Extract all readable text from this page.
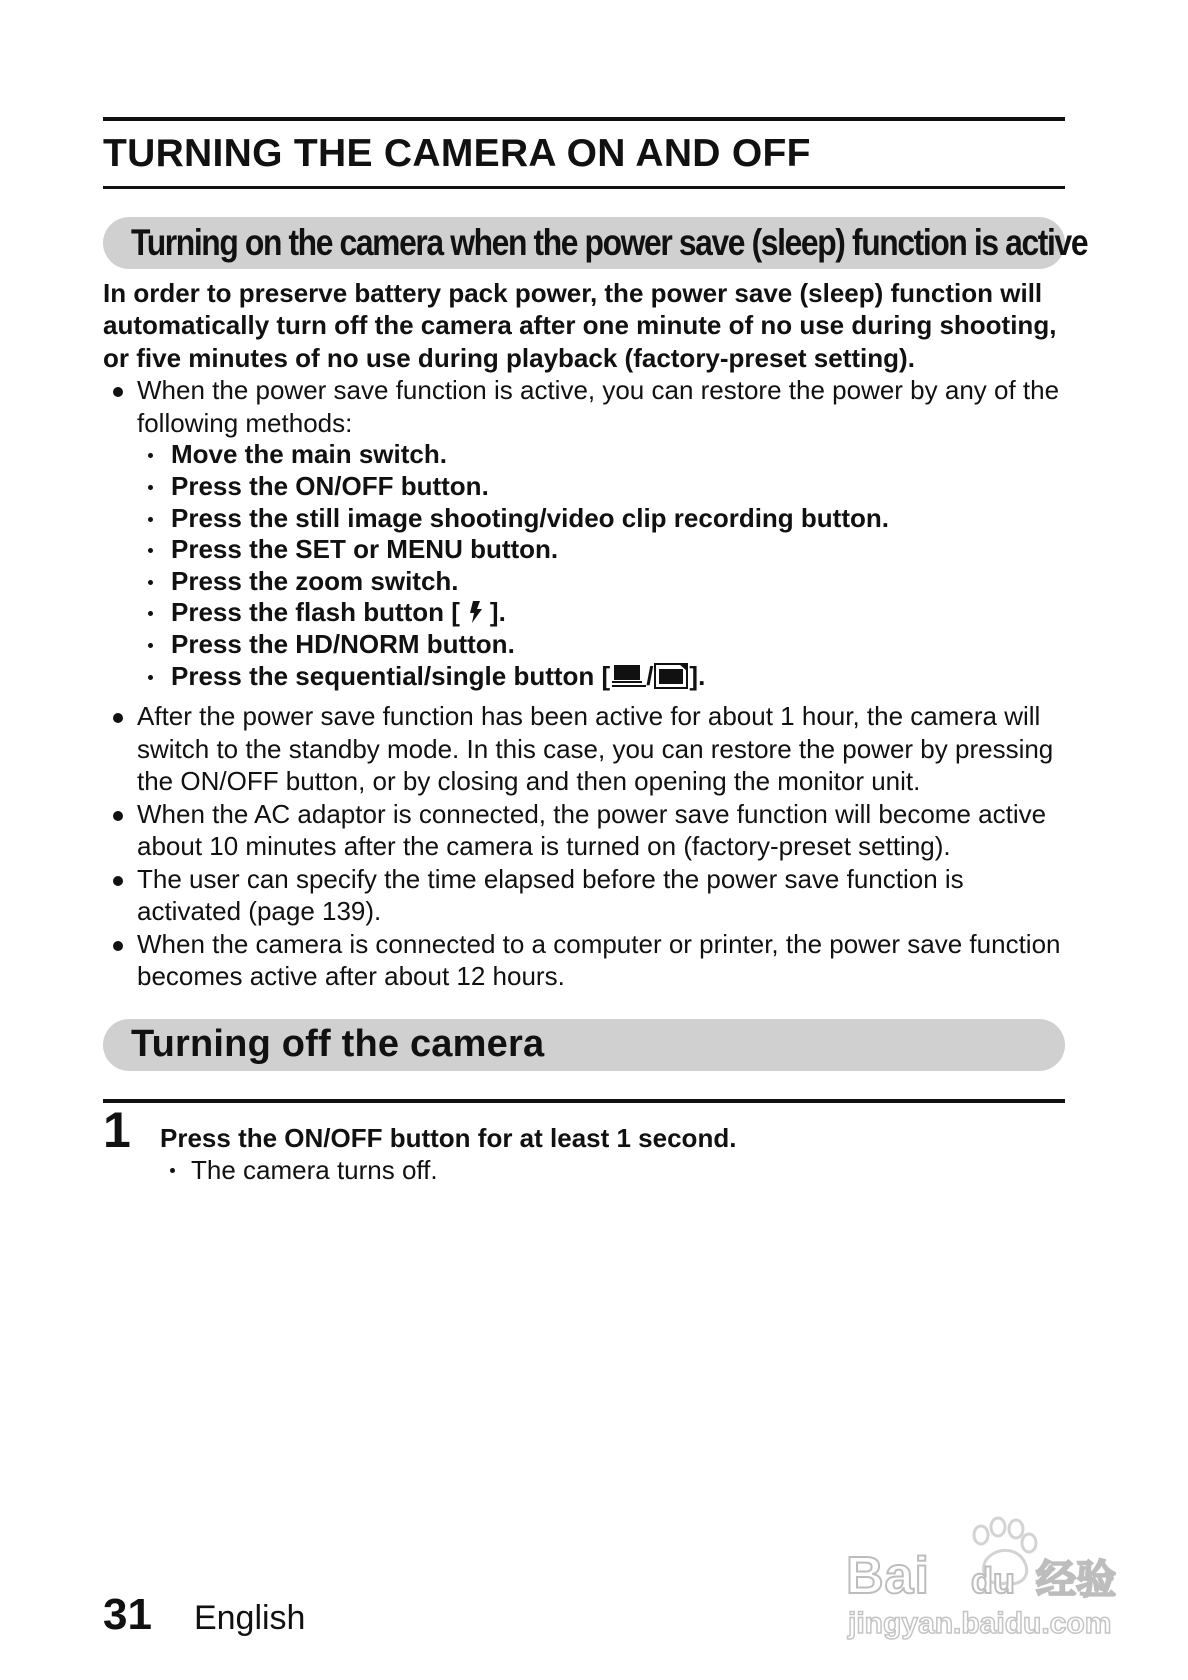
TURNING THE CAMERA ON AND OFF
Turning on the camera when the power save (sleep) function is active
In order to preserve battery pack power, the power save (sleep) function will automatically turn off the camera after one minute of no use during shooting, or five minutes of no use during playback (factory-preset setting).
When the power save function is active, you can restore the power by any of the following methods:
Move the main switch.
Press the ON/OFF button.
Press the still image shooting/video clip recording button.
Press the SET or MENU button.
Press the zoom switch.
Press the flash button [ ].
Press the HD/NORM button.
Press the sequential/single button [ / ].
After the power save function has been active for about 1 hour, the camera will switch to the standby mode. In this case, you can restore the power by pressing the ON/OFF button, or by closing and then opening the monitor unit.
When the AC adaptor is connected, the power save function will become active about 10 minutes after the camera is turned on (factory-preset setting).
The user can specify the time elapsed before the power save function is activated (page 139).
When the camera is connected to a computer or printer, the power save function becomes active after about 12 hours.
Turning off the camera
1 Press the ON/OFF button for at least 1 second.
The camera turns off.
31 English
Bai du 经验
jingyan.baidu.com
